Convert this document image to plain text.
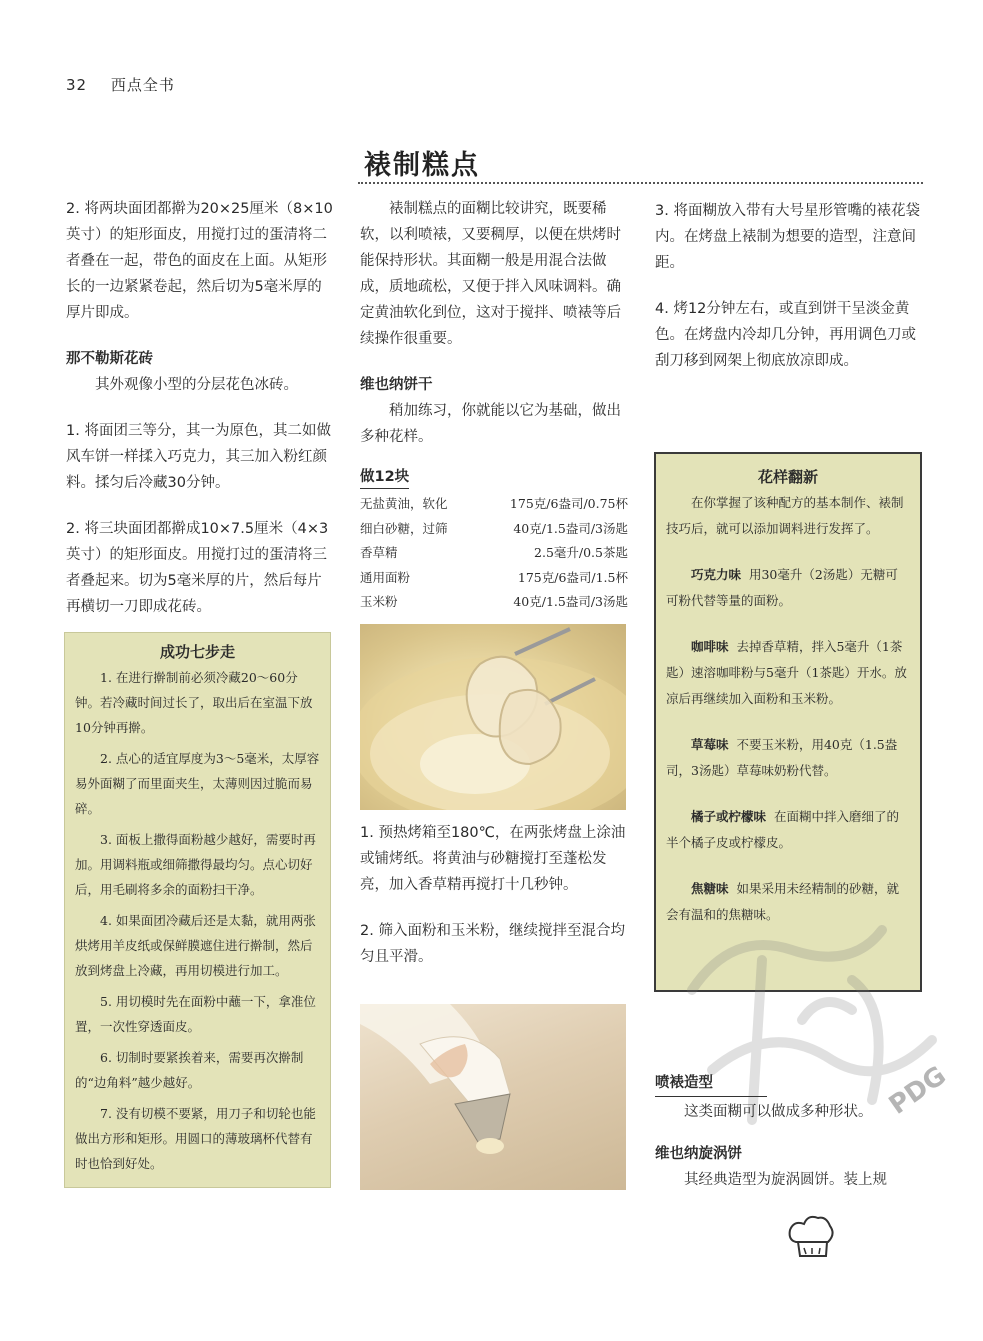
32 西点全书
裱制糕点

2. 将两块面团都擀为20×25厘米（8×10英寸）的矩形面皮，用搅打过的蛋清将二者叠在一起，带色的面皮在上面。从矩形长的一边紧紧卷起，然后切为5毫米厚的厚片即成。

那不勒斯花砖

其外观像小型的分层花色冰砖。

1. 将面团三等分，其一为原色，其二如做风车饼一样揉入巧克力，其三加入粉红颜料。揉匀后冷藏30分钟。

2. 将三块面团都擀成10×7.5厘米（4×3英寸）的矩形面皮。用搅打过的蛋清将三者叠起来。切为5毫米厚的片，然后每片再横切一刀即成花砖。

成功七步走

1. 在进行擀制前必须冷藏20～60分钟。若冷藏时间过长了，取出后在室温下放10分钟再擀。

2. 点心的适宜厚度为3～5毫米，太厚容易外面糊了而里面夹生，太薄则因过脆而易碎。

3. 面板上撒得面粉越少越好，需要时再加。用调料瓶或细筛撒得最均匀。点心切好后，用毛刷将多余的面粉扫干净。

4. 如果面团冷藏后还是太黏，就用两张烘烤用羊皮纸或保鲜膜遮住进行擀制，然后放到烤盘上冷藏，再用切模进行加工。

5. 用切模时先在面粉中蘸一下，拿准位置，一次性穿透面皮。

6. 切制时要紧挨着来，需要再次擀制的“边角料”越少越好。

7. 没有切模不要紧，用刀子和切轮也能做出方形和矩形。用圆口的薄玻璃杯代替有时也恰到好处。

裱制糕点的面糊比较讲究，既要稀软，以利喷裱，又要稠厚，以便在烘烤时能保持形状。其面糊一般是用混合法做成，质地疏松，又便于拌入风味调料。确定黄油软化到位，这对于搅拌、喷裱等后续操作很重要。

维也纳饼干

稍加练习，你就能以它为基础，做出多种花样。

做12块
无盐黄油，软化	175克/6盎司/0.75杯
细白砂糖，过筛	40克/1.5盎司/3汤匙
香草精	2.5毫升/0.5茶匙
通用面粉	175克/6盎司/1.5杯
玉米粉	40克/1.5盎司/3汤匙

1. 预热烤箱至180℃，在两张烤盘上涂油或铺烤纸。将黄油与砂糖搅打至蓬松发亮，加入香草精再搅打十几秒钟。

2. 筛入面粉和玉米粉，继续搅拌至混合均匀且平滑。

3. 将面糊放入带有大号星形管嘴的裱花袋内。在烤盘上裱制为想要的造型，注意间距。

4. 烤12分钟左右，或直到饼干呈淡金黄色。在烤盘内冷却几分钟，再用调色刀或刮刀移到网架上彻底放凉即成。

花样翻新

在你掌握了该种配方的基本制作、裱制技巧后，就可以添加调料进行发挥了。

巧克力味 用30毫升（2汤匙）无糖可可粉代替等量的面粉。

咖啡味 去掉香草精，拌入5毫升（1茶匙）速溶咖啡粉与5毫升（1茶匙）开水。放凉后再继续加入面粉和玉米粉。

草莓味 不要玉米粉，用40克（1.5盎司，3汤匙）草莓味奶粉代替。

橘子或柠檬味 在面糊中拌入磨细了的半个橘子皮或柠檬皮。

焦糖味 如果采用未经精制的砂糖，就会有温和的焦糖味。

PDG

喷裱造型

这类面糊可以做成多种形状。

维也纳旋涡饼

其经典造型为旋涡圆饼。装上规
